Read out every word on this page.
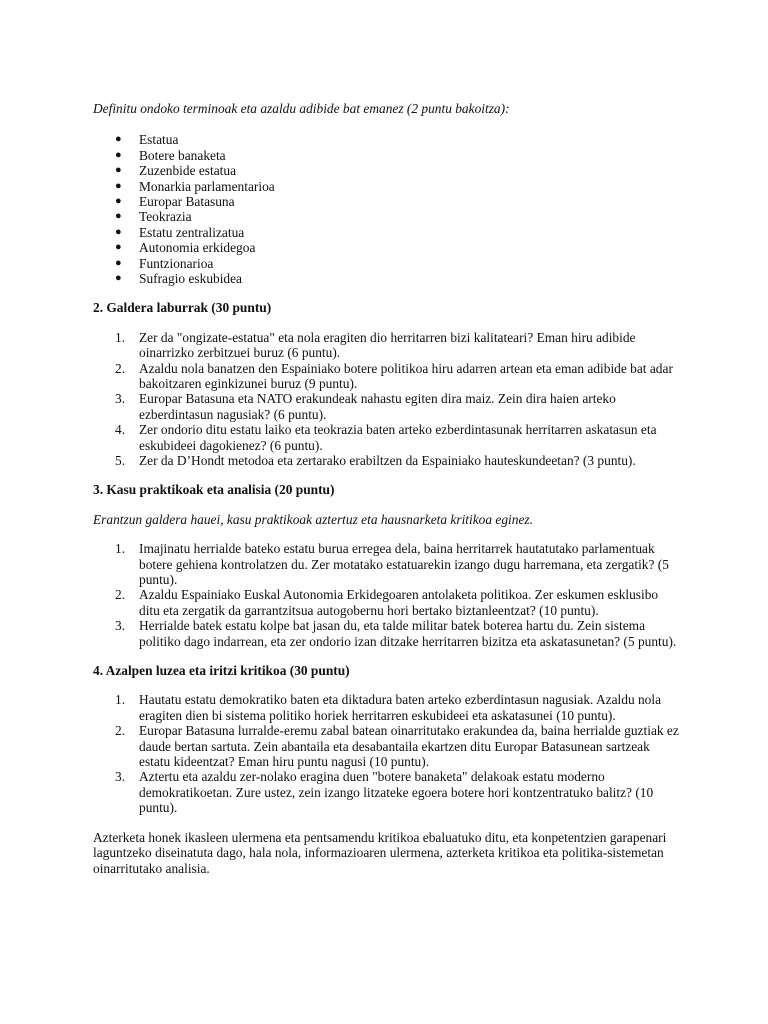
Definitu ondoko terminoak eta azaldu adibide bat emanez (2 puntu bakoitza):

● Estatua
● Botere banaketa
● Zuzenbide estatua
● Monarkia parlamentarioa
● Europar Batasuna
● Teokrazia
● Estatu zentralizatua
● Autonomia erkidegoa
● Funtzionarioa
● Sufragio eskubidea
2. Galdera laburrak (30 puntu)
1. Zer da "ongizate-estatua" eta nola eragiten dio herritarren bizi kalitateari? Eman hiru adibide oinarrizko zerbitzuei buruz (6 puntu).
2. Azaldu nola banatzen den Espainiako botere politikoa hiru adarren artean eta eman adibide bat adar bakoitzaren eginkizunei buruz (9 puntu).
3. Europar Batasuna eta NATO erakundeak nahastu egiten dira maiz. Zein dira haien arteko ezberdintasun nagusiak? (6 puntu).
4. Zer ondorio ditu estatu laiko eta teokrazia baten arteko ezberdintasunak herritarren askatasun eta eskubideei dagokienez? (6 puntu).
5. Zer da D’Hondt metodoa eta zertarako erabiltzen da Espainiako hauteskundeetan? (3 puntu).
3. Kasu praktikoak eta analisia (20 puntu)

Erantzun galdera hauei, kasu praktikoak aztertuz eta hausnarketa kritikoa eginez.

1. Imajinatu herrialde bateko estatu burua erregea dela, baina herritarrek hautatutako parlamentuak botere gehiena kontrolatzen du. Zer motatako estatuarekin izango dugu harremana, eta zergatik? (5 puntu).
2. Azaldu Espainiako Euskal Autonomia Erkidegoaren antolaketa politikoa. Zer eskumen esklusibo ditu eta zergatik da garrantzitsua autogobernu hori bertako biztanleentzat? (10 puntu).
3. Herrialde batek estatu kolpe bat jasan du, eta talde militar batek boterea hartu du. Zein sistema politiko dago indarrean, eta zer ondorio izan ditzake herritarren bizitza eta askatasunetan? (5 puntu).
4. Azalpen luzea eta iritzi kritikoa (30 puntu)
1. Hautatu estatu demokratiko baten eta diktadura baten arteko ezberdintasun nagusiak. Azaldu nola eragiten dien bi sistema politiko horiek herritarren eskubideei eta askatasunei (10 puntu).
2. Europar Batasuna lurralde-eremu zabal batean oinarritutako erakundea da, baina herrialde guztiak ez daude bertan sartuta. Zein abantaila eta desabantaila ekartzen ditu Europar Batasunean sartzeak estatu kideentzat? Eman hiru puntu nagusi (10 puntu).
3. Aztertu eta azaldu zer-nolako eragina duen "botere banaketa" delakoak estatu moderno demokratikoetan. Zure ustez, zein izango litzateke egoera botere hori kontzentratuko balitz? (10 puntu).

Azterketa honek ikasleen ulermena eta pentsamendu kritikoa ebaluatuko ditu, eta konpetentzien garapenari laguntzeko diseinatuta dago, hala nola, informazioaren ulermena, azterketa kritikoa eta politika-sistemetan oinarritutako analisia.
